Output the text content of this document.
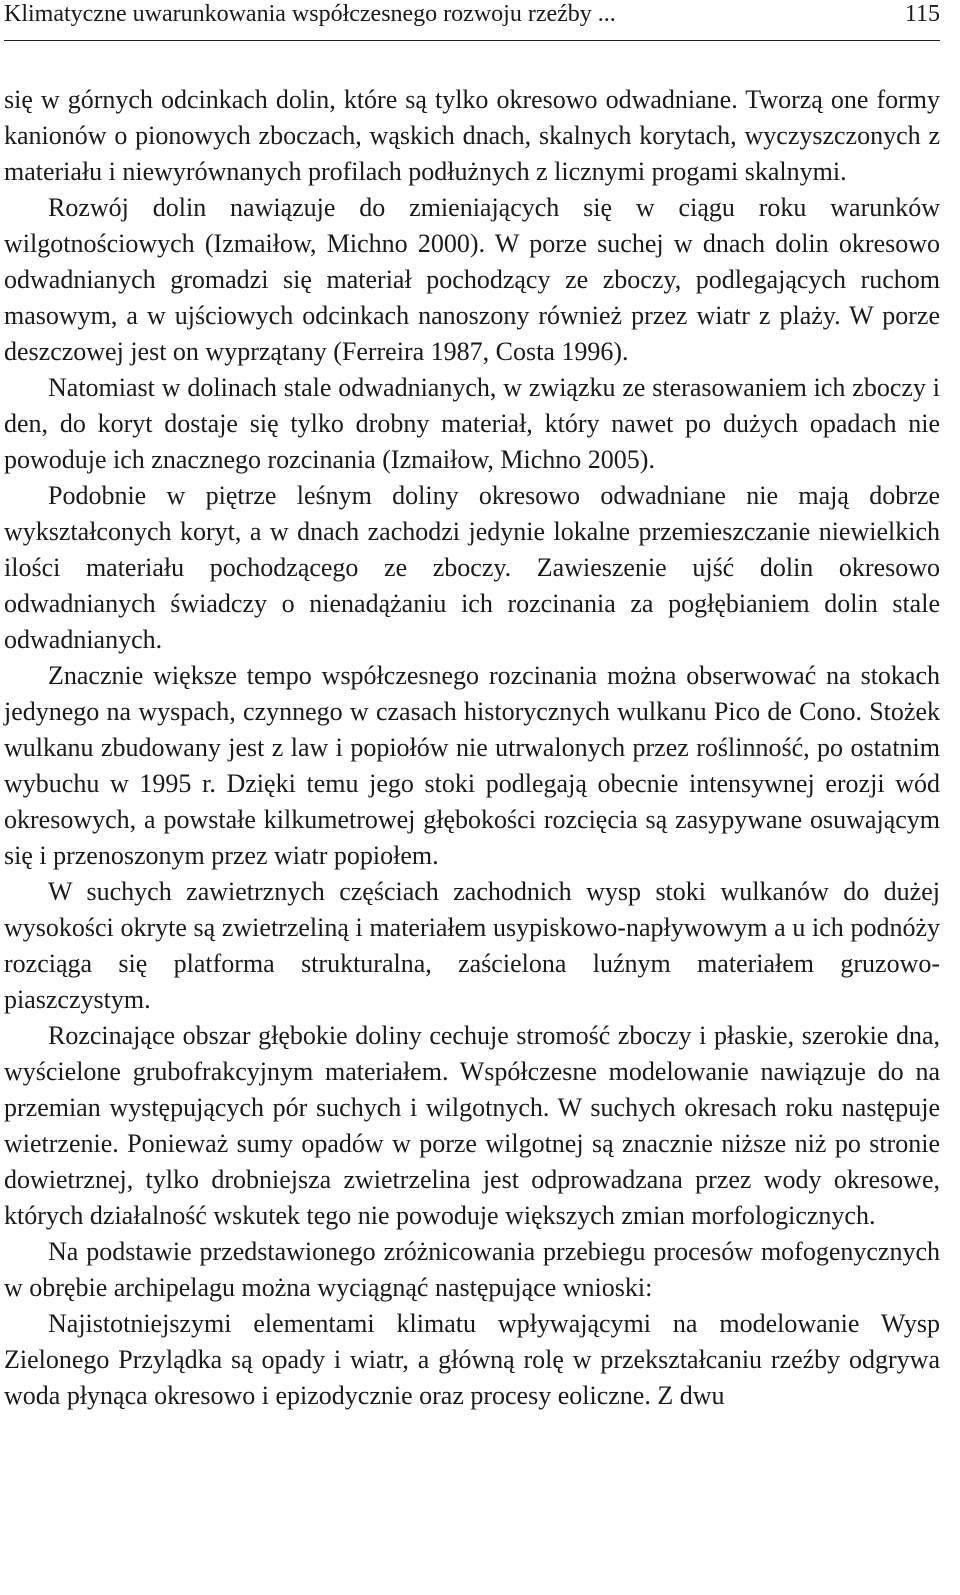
Klimatyczne uwarunkowania współczesnego rozwoju rzeźby ...	115

się w górnych odcinkach dolin, które są tylko okresowo odwadniane. Tworzą one formy kanionów o pionowych zboczach, wąskich dnach, skalnych korytach, wyczyszczonych z materiału i niewyrównanych profilach podłużnych z licznymi progami skalnymi.

Rozwój dolin nawiązuje do zmieniających się w ciągu roku warunków wilgotnościowych (Izmaiłow, Michno 2000). W porze suchej w dnach dolin okresowo odwadnianych gromadzi się materiał pochodzący ze zboczy, podlegających ruchom masowym, a w ujściowych odcinkach nanoszony również przez wiatr z plaży. W porze deszczowej jest on wyprzątany (Ferreira 1987, Costa 1996).

Natomiast w dolinach stale odwadnianych, w związku ze sterasowaniem ich zboczy i den, do koryt dostaje się tylko drobny materiał, który nawet po dużych opadach nie powoduje ich znacznego rozcinania (Izmaiłow, Michno 2005).

Podobnie w piętrze leśnym doliny okresowo odwadniane nie mają dobrze wykształconych koryt, a w dnach zachodzi jedynie lokalne przemieszczanie niewielkich ilości materiału pochodzącego ze zboczy. Zawieszenie ujść dolin okresowo odwadnianych świadczy o nienadążaniu ich rozcinania za pogłębianiem dolin stale odwadnianych.

Znacznie większe tempo współczesnego rozcinania można obserwować na stokach jedynego na wyspach, czynnego w czasach historycznych wulkanu Pico de Cono. Stożek wulkanu zbudowany jest z law i popiołów nie utrwalonych przez roślinność, po ostatnim wybuchu w 1995 r. Dzięki temu jego stoki podlegają obecnie intensywnej erozji wód okresowych, a powstałe kilkumetrowej głębokości rozcięcia są zasypywane osuwającym się i przenoszonym przez wiatr popiołem.

W suchych zawietrznych częściach zachodnich wysp stoki wulkanów do dużej wysokości okryte są zwietrzeliną i materiałem usypiskowo-napływowym a u ich podnóży rozciąga się platforma strukturalna, zaścielona luźnym materiałem gruzowo-piaszczystym.

Rozcinające obszar głębokie doliny cechuje stromość zboczy i płaskie, szerokie dna, wyścielone grubofrakcyjnym materiałem. Współczesne modelowanie nawiązuje do na przemian występujących pór suchych i wilgotnych. W suchych okresach roku następuje wietrzenie. Ponieważ sumy opadów w porze wilgotnej są znacznie niższe niż po stronie dowietrznej, tylko drobniejsza zwietrzelina jest odprowadzana przez wody okresowe, których działalność wskutek tego nie powoduje większych zmian morfologicznych.

Na podstawie przedstawionego zróżnicowania przebiegu procesów mofogenycznych w obrębie archipelagu można wyciągnąć następujące wnioski:

Najistotniejszymi elementami klimatu wpływającymi na modelowanie Wysp Zielonego Przylądka są opady i wiatr, a główną rolę w przekształcaniu rzeźby odgrywa woda płynąca okresowo i epizodycznie oraz procesy eoliczne. Z dwu
